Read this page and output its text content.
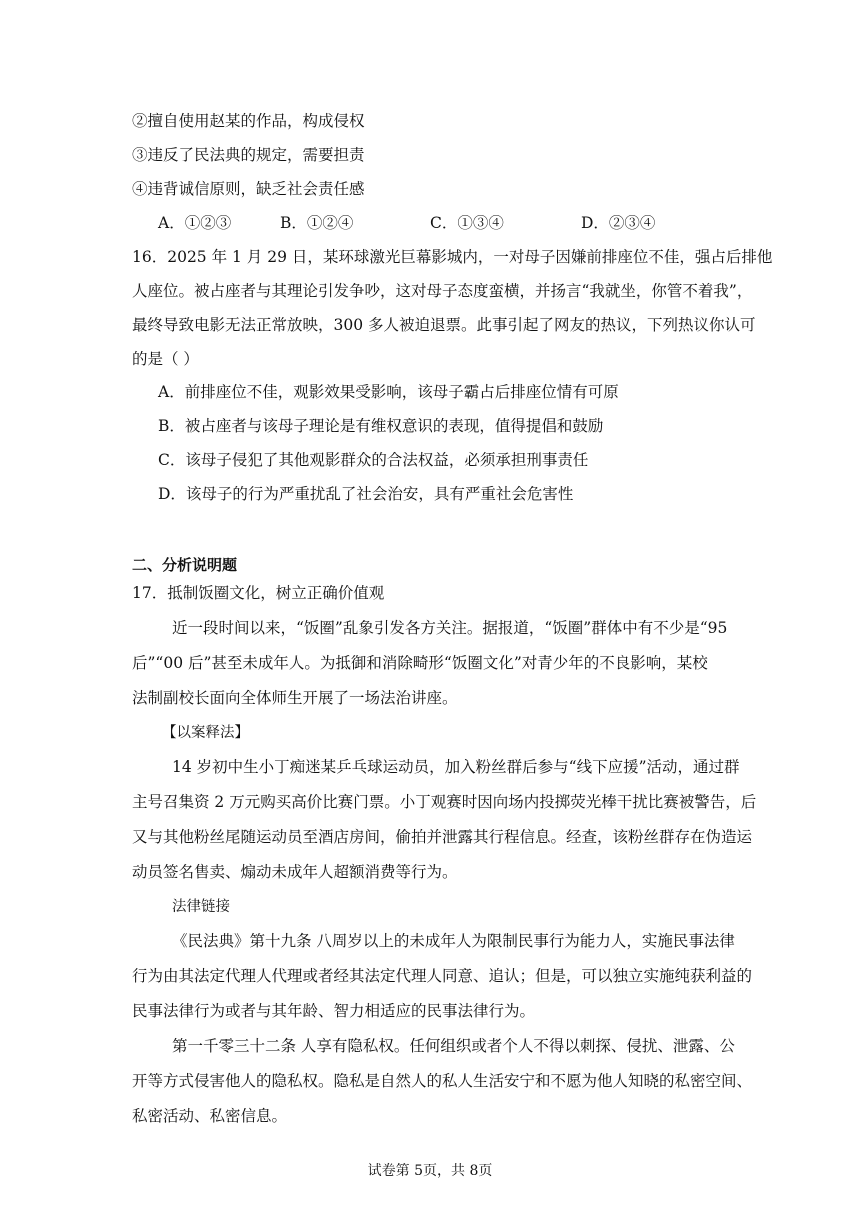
②擅自使用赵某的作品，构成侵权
③违反了民法典的规定，需要担责
④违背诚信原则，缺乏社会责任感
A．①②③	B．①②④	C．①③④	D．②③④
16．2025 年 1 月 29 日，某环球激光巨幕影城内，一对母子因嫌前排座位不佳，强占后排他
人座位。被占座者与其理论引发争吵，这对母子态度蛮横，并扬言“我就坐，你管不着我”，
最终导致电影无法正常放映，300 多人被迫退票。此事引起了网友的热议，下列热议你认可
的是（ ）
A．前排座位不佳，观影效果受影响，该母子霸占后排座位情有可原
B．被占座者与该母子理论是有维权意识的表现，值得提倡和鼓励
C．该母子侵犯了其他观影群众的合法权益，必须承担刑事责任
D．该母子的行为严重扰乱了社会治安，具有严重社会危害性
二、分析说明题
17．抵制饭圈文化，树立正确价值观
近一段时间以来，“饭圈”乱象引发各方关注。据报道，“饭圈”群体中有不少是“95
后”“00 后”甚至未成年人。为抵御和消除畸形“饭圈文化”对青少年的不良影响，某校
法制副校长面向全体师生开展了一场法治讲座。
【以案释法】
14 岁初中生小丁痴迷某乒乓球运动员，加入粉丝群后参与“线下应援”活动，通过群
主号召集资 2 万元购买高价比赛门票。小丁观赛时因向场内投掷荧光棒干扰比赛被警告，后
又与其他粉丝尾随运动员至酒店房间，偷拍并泄露其行程信息。经查，该粉丝群存在伪造运
动员签名售卖、煽动未成年人超额消费等行为。
法律链接
《民法典》第十九条 八周岁以上的未成年人为限制民事行为能力人，实施民事法律
行为由其法定代理人代理或者经其法定代理人同意、追认；但是，可以独立实施纯获利益的
民事法律行为或者与其年龄、智力相适应的民事法律行为。
第一千零三十二条 人享有隐私权。任何组织或者个人不得以刺探、侵扰、泄露、公
开等方式侵害他人的隐私权。隐私是自然人的私人生活安宁和不愿为他人知晓的私密空间、
私密活动、私密信息。
试卷第 5页，共 8页
